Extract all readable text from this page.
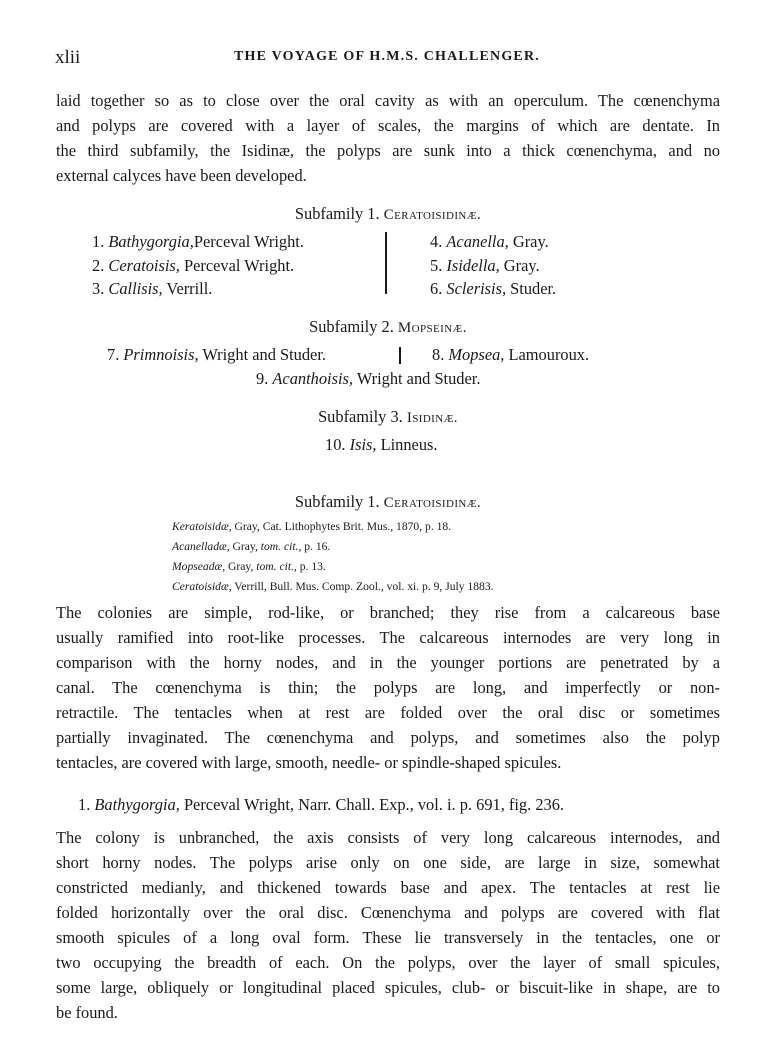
xlii	THE VOYAGE OF H.M.S. CHALLENGER.
laid together so as to close over the oral cavity as with an operculum. The cœnenchyma
and polyps are covered with a layer of scales, the margins of which are dentate. In
the third subfamily, the Isidinæ, the polyps are sunk into a thick cœnenchyma, and no
external calyces have been developed.
Subfamily 1. Ceratoisidinæ.
1. Bathygorgia,Perceval Wright.
2. Ceratoisis, Perceval Wright.
3. Callisis, Verrill.
4. Acanella, Gray.
5. Isidella, Gray.
6. Sclerisis, Studer.
Subfamily 2. Mopseinæ.
7. Primnoisis, Wright and Studer.	8. Mopsea, Lamouroux.
9. Acanthoisis, Wright and Studer.
Subfamily 3. Isidinæ.
10. Isis, Linneus.
Subfamily 1. Ceratoisidinæ.
Keratoisidæ, Gray, Cat. Lithophytes Brit. Mus., 1870, p. 18.
Acanelladæ, Gray, tom. cit., p. 16.
Mopseadæ, Gray, tom. cit., p. 13.
Ceratoisidæ, Verrill, Bull. Mus. Comp. Zool., vol. xi. p. 9, July 1883.
The colonies are simple, rod-like, or branched; they rise from a calcareous base
usually ramified into root-like processes. The calcareous internodes are very long in
comparison with the horny nodes, and in the younger portions are penetrated by a
canal. The cœnenchyma is thin; the polyps are long, and imperfectly or non-
retractile. The tentacles when at rest are folded over the oral disc or sometimes
partially invaginated. The cœnenchyma and polyps, and sometimes also the polyp
tentacles, are covered with large, smooth, needle- or spindle-shaped spicules.
1. Bathygorgia, Perceval Wright, Narr. Chall. Exp., vol. i. p. 691, fig. 236.
The colony is unbranched, the axis consists of very long calcareous internodes, and
short horny nodes. The polyps arise only on one side, are large in size, somewhat
constricted medianly, and thickened towards base and apex. The tentacles at rest lie
folded horizontally over the oral disc. Cœnenchyma and polyps are covered with flat
smooth spicules of a long oval form. These lie transversely in the tentacles, one or
two occupying the breadth of each. On the polyps, over the layer of small spicules,
some large, obliquely or longitudinal placed spicules, club- or biscuit-like in shape, are to
be found.
